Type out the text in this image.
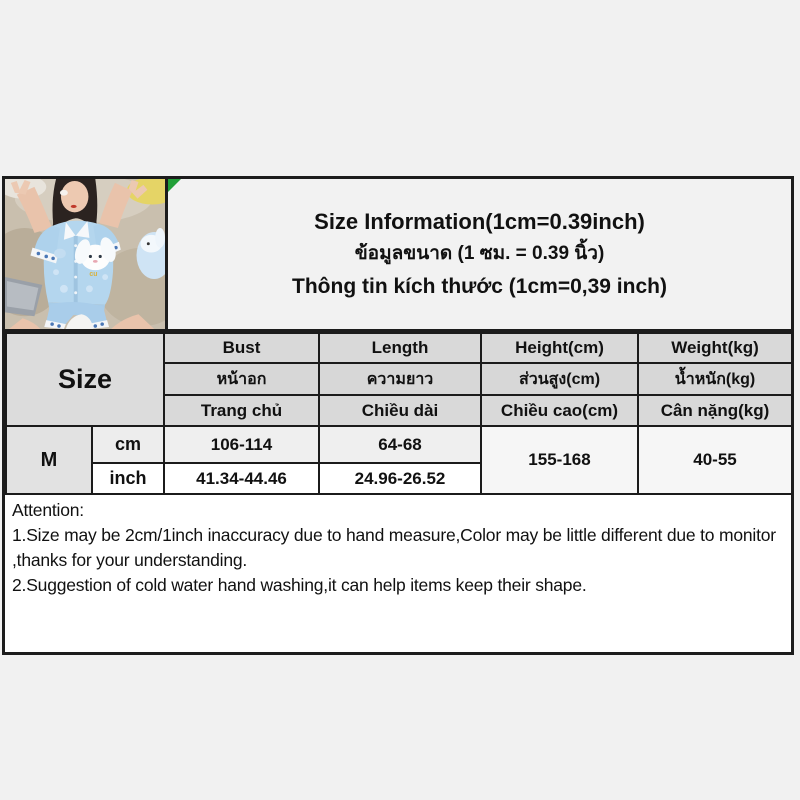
cu
Size Information(1cm=0.39inch)
ข้อมูลขนาด (1 ซม. = 0.39 นิ้ว)
Thông tin kích thước (1cm=0,39 inch)
Size		Bust	Length	Height(cm)	Weight(kg)
		หน้าอก	ความยาว	ส่วนสูง(cm)	น้ำหนัก(kg)
		Trang chủ	Chiều dài	Chiều cao(cm)	Cân nặng(kg)
M	cm	106-114	64-68	155-168	40-55
	inch	41.34-44.46	24.96-26.52		

Attention:

1.Size may be 2cm/1inch inaccuracy due to hand measure,Color may be little different due to monitor ,thanks for your understanding.

2.Suggestion of cold water hand washing,it can help items keep their shape.
